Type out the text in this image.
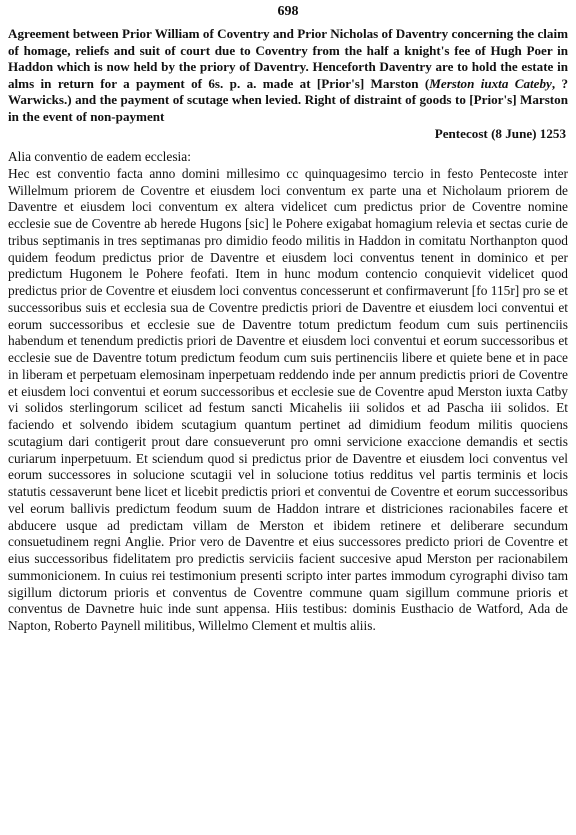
698

Agreement between Prior William of Coventry and Prior Nicholas of Daventry concerning the claim of homage, reliefs and suit of court due to Coventry from the half a knight's fee of Hugh Poer in Haddon which is now held by the priory of Daventry. Henceforth Daventry are to hold the estate in alms in return for a payment of 6s. p. a. made at [Prior's] Marston (Merston iuxta Cateby, ? Warwicks.) and the payment of scutage when levied. Right of distraint of goods to [Prior's] Marston in the event of non-payment

Pentecost (8 June) 1253

Alia conventio de eadem ecclesia:

Hec est conventio facta anno domini millesimo cc quinquagesimo tercio in festo Pentecoste inter Willelmum priorem de Coventre et eiusdem loci conventum ex parte una et Nicholaum priorem de Daventre et eiusdem loci conventum ex altera videlicet cum predictus prior de Coventre nomine ecclesie sue de Coventre ab herede Hugons [sic] le Pohere exigabat homagium relevia et sectas curie de tribus septimanis in tres septimanas pro dimidio feodo militis in Haddon in comitatu Northanpton quod quidem feodum predictus prior de Daventre et eiusdem loci conventus tenent in dominico et per predictum Hugonem le Pohere feofati. Item in hunc modum contencio conquievit videlicet quod predictus prior de Coventre et eiusdem loci conventus concesserunt et confirmaverunt [fo 115r] pro se et successoribus suis et ecclesia sua de Coventre predictis priori de Daventre et eiusdem loci conventui et eorum successoribus et ecclesie sue de Daventre totum predictum feodum cum suis pertinenciis habendum et tenendum predictis priori de Daventre et eiusdem loci conventui et eorum successoribus et ecclesie sue de Daventre totum predictum feodum cum suis pertinenciis libere et quiete bene et in pace in liberam et perpetuam elemosinam inperpetuam reddendo inde per annum predictis priori de Coventre et eiusdem loci conventui et eorum successoribus et ecclesie sue de Coventre apud Merston iuxta Catby vi solidos sterlingorum scilicet ad festum sancti Micahelis iii solidos et ad Pascha iii solidos. Et faciendo et solvendo ibidem scutagium quantum pertinet ad dimidium feodum militis quociens scutagium dari contigerit prout dare consueverunt pro omni servicione exaccione demandis et sectis curiarum inperpetuum. Et sciendum quod si predictus prior de Daventre et eiusdem loci conventus vel eorum successores in solucione scutagii vel in solucione totius redditus vel partis terminis et locis statutis cessaverunt bene licet et licebit predictis priori et conventui de Coventre et eorum successoribus vel eorum ballivis predictum feodum suum de Haddon intrare et districiones racionabiles facere et abducere usque ad predictam villam de Merston et ibidem retinere et deliberare secundum consuetudinem regni Anglie. Prior vero de Daventre et eius successores predicto priori de Coventre et eius successoribus fidelitatem pro predictis serviciis facient succesive apud Merston per racionabilem summonicionem. In cuius rei testimonium presenti scripto inter partes immodum cyrographi diviso tam sigillum dictorum prioris et conventus de Coventre commune quam sigillum commune prioris et conventus de Davnetre huic inde sunt appensa. Hiis testibus: dominis Eusthacio de Watford, Ada de Napton, Roberto Paynell militibus, Willelmo Clement et multis aliis.
